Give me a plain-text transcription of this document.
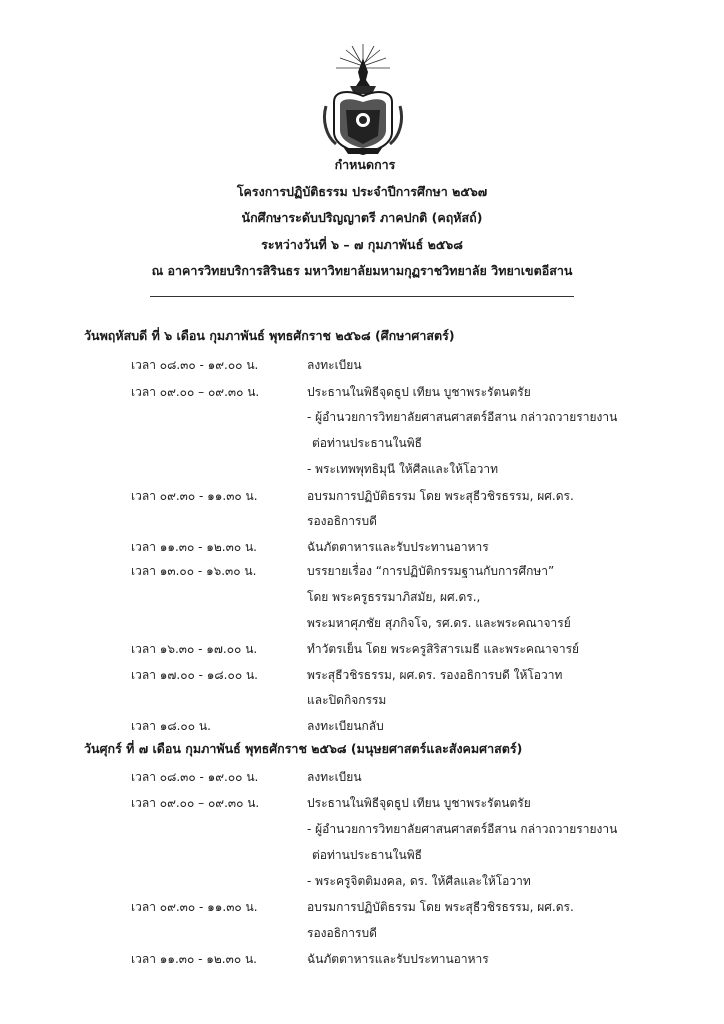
กำหนดการ
โครงการปฏิบัติธรรม ประจำปีการศึกษา ๒๕๖๗
นักศึกษาระดับปริญญาตรี ภาคปกติ (คฤหัสถ์)
ระหว่างวันที่ ๖ – ๗ กุมภาพันธ์ ๒๕๖๘
ณ อาคารวิทยบริการสิรินธร มหาวิทยาลัยมหามกุฏราชวิทยาลัย วิทยาเขตอีสาน
วันพฤหัสบดี ที่ ๖ เดือน กุมภาพันธ์ พุทธศักราช ๒๕๖๘ (ศึกษาศาสตร์)
เวลา ๐๘.๓๐ - ๑๙.๐๐ น.	ลงทะเบียน
เวลา ๐๙.๐๐ – ๐๙.๓๐ น.	ประธานในพิธีจุดธูป เทียน บูชาพระรัตนตรัย
- ผู้อำนวยการวิทยาลัยศาสนศาสตร์อีสาน กล่าวถวายรายงาน
ต่อท่านประธานในพิธี
- พระเทพพุทธิมุนี ให้ศีลและให้โอวาท
เวลา ๐๙.๓๐ - ๑๑.๓๐ น.	อบรมการปฏิบัติธรรม โดย พระสุธีวชิรธรรม, ผศ.ดร.
รองอธิการบดี
เวลา ๑๑.๓๐ - ๑๒.๓๐ น.	ฉันภัตตาหารและรับประทานอาหาร
เวลา ๑๓.๐๐ - ๑๖.๓๐ น.	บรรยายเรื่อง “การปฏิบัติกรรมฐานกับการศึกษา”
โดย พระครูธรรมาภิสมัย, ผศ.ดร.,
พระมหาศุภชัย สุภกิจโจ, รศ.ดร. และพระคณาจารย์
เวลา ๑๖.๓๐ - ๑๗.๐๐ น.	ทำวัตรเย็น โดย พระครูสิริสารเมธี และพระคณาจารย์
เวลา ๑๗.๐๐ - ๑๘.๐๐ น.	พระสุธีวชิรธรรม, ผศ.ดร. รองอธิการบดี ให้โอวาท
และปิดกิจกรรม
เวลา ๑๘.๐๐ น.	ลงทะเบียนกลับ
วันศุกร์ ที่ ๗ เดือน กุมภาพันธ์ พุทธศักราช ๒๕๖๘ (มนุษยศาสตร์และสังคมศาสตร์)
เวลา ๐๘.๓๐ - ๑๙.๐๐ น.	ลงทะเบียน
เวลา ๐๙.๐๐ – ๐๙.๓๐ น.	ประธานในพิธีจุดธูป เทียน บูชาพระรัตนตรัย
- ผู้อำนวยการวิทยาลัยศาสนศาสตร์อีสาน กล่าวถวายรายงาน
ต่อท่านประธานในพิธี
- พระครูจิตติมงคล, ดร. ให้ศีลและให้โอวาท
เวลา ๐๙.๓๐ - ๑๑.๓๐ น.	อบรมการปฏิบัติธรรม โดย พระสุธีวชิรธรรม, ผศ.ดร.
รองอธิการบดี
เวลา ๑๑.๓๐ - ๑๒.๓๐ น.	ฉันภัตตาหารและรับประทานอาหาร
